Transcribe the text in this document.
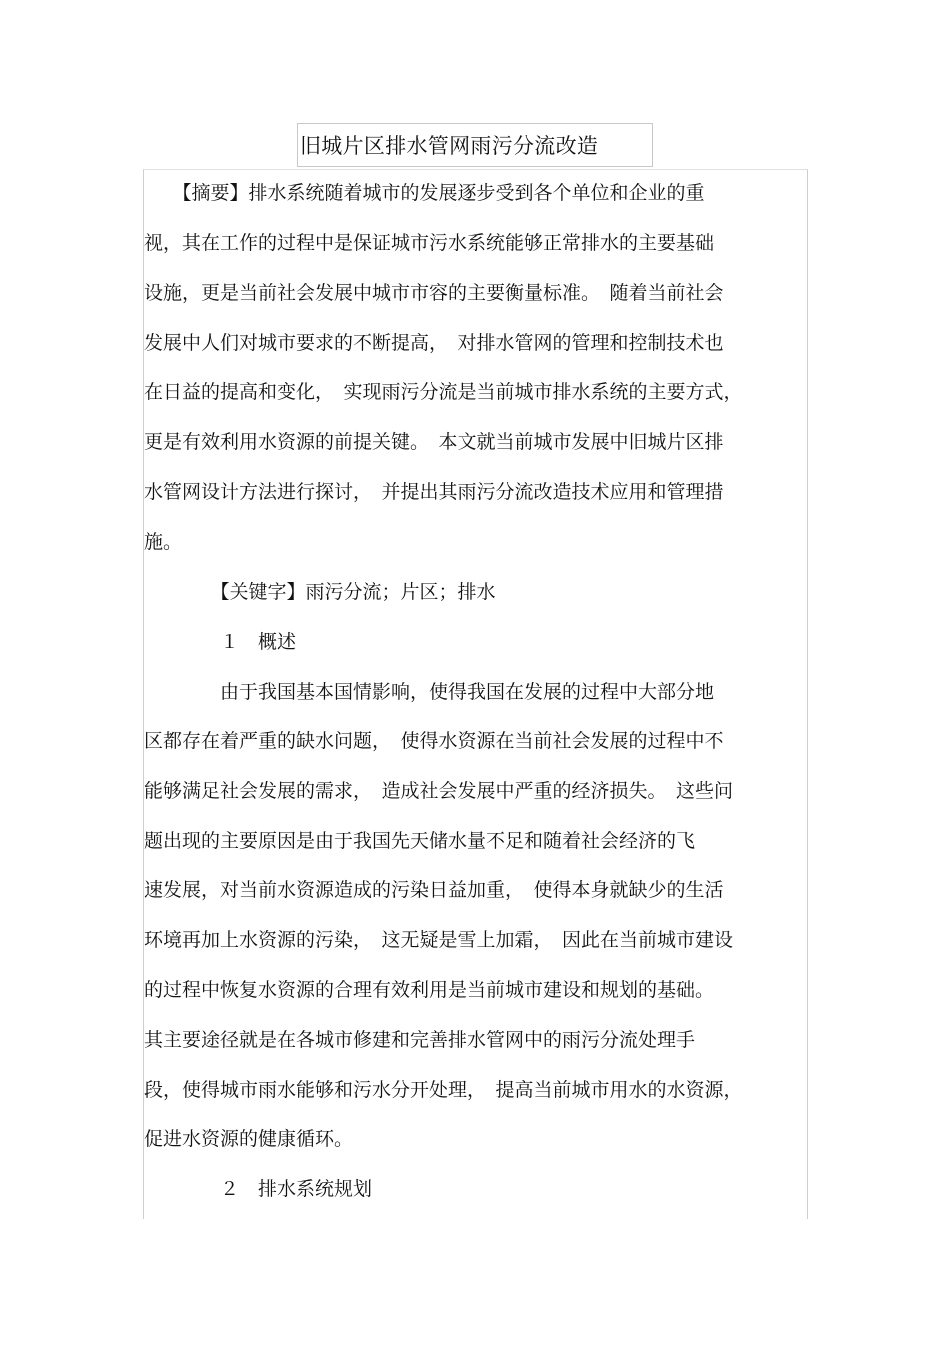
旧城片区排水管网雨污分流改造
　　【摘要】排水系统随着城市的发展逐步受到各个单位和企业的重
视，其在工作的过程中是保证城市污水系统能够正常排水的主要基础
设施，更是当前社会发展中城市市容的主要衡量标准。　随着当前社会
发展中人们对城市要求的不断提高，　对排水管网的管理和控制技术也
在日益的提高和变化，　实现雨污分流是当前城市排水系统的主要方式，
更是有效利用水资源的前提关键。　本文就当前城市发展中旧城片区排
水管网设计方法进行探讨，　并提出其雨污分流改造技术应用和管理措
施。
　　　　【关键字】雨污分流；片区；排水
　　　　１　概述
　　　　由于我国基本国情影响，使得我国在发展的过程中大部分地
区都存在着严重的缺水问题，　使得水资源在当前社会发展的过程中不
能够满足社会发展的需求，　造成社会发展中严重的经济损失。　这些问
题出现的主要原因是由于我国先天储水量不足和随着社会经济的飞
速发展，对当前水资源造成的污染日益加重，　使得本身就缺少的生活
环境再加上水资源的污染，　这无疑是雪上加霜，　因此在当前城市建设
的过程中恢复水资源的合理有效利用是当前城市建设和规划的基础。
其主要途径就是在各城市修建和完善排水管网中的雨污分流处理手
段，使得城市雨水能够和污水分开处理，　提高当前城市用水的水资源，
促进水资源的健康循环。
　　　　２　排水系统规划
